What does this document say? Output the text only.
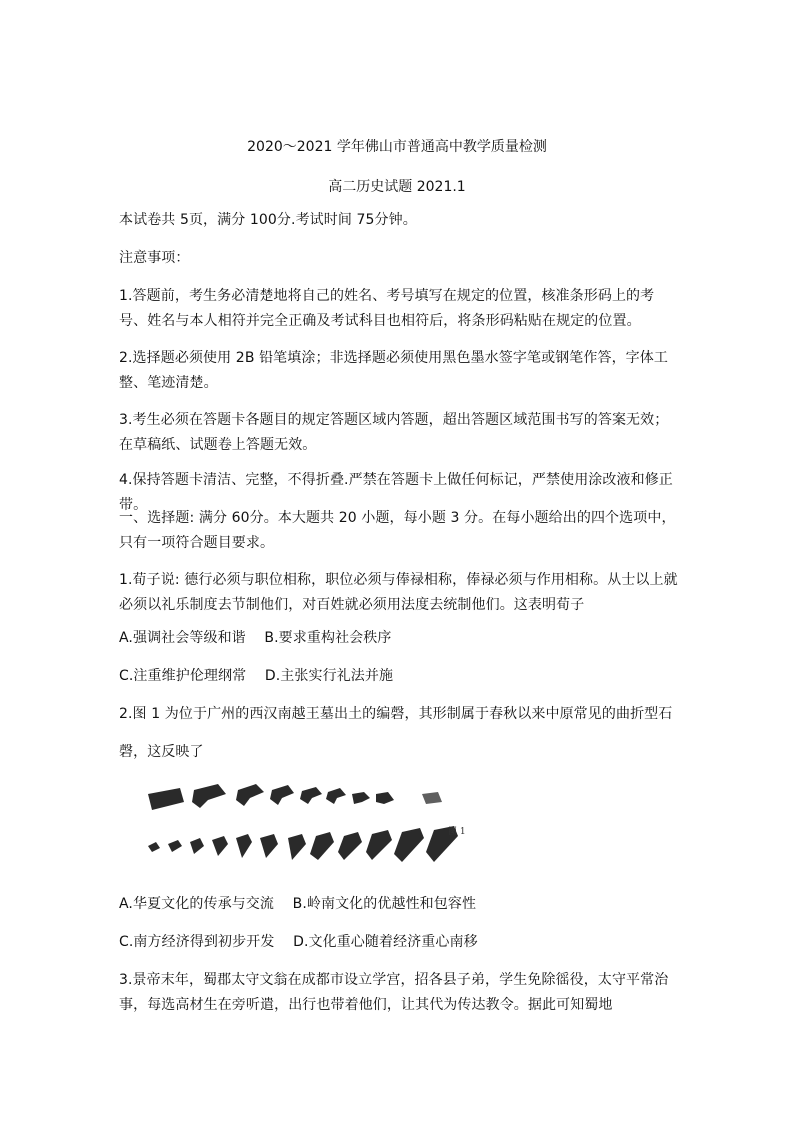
2020～2021 学年佛山市普通高中教学质量检测
高二历史试题 2021.1
本试卷共 5页，满分 100分.考试时间 75分钟。
注意事项：
1.答题前，考生务必清楚地将自己的姓名、考号填写在规定的位置，核准条形码上的考号、姓名与本人相符并完全正确及考试科目也相符后，将条形码粘贴在规定的位置。
2.选择题必须使用 2B 铅笔填涂；非选择题必须使用黑色墨水签字笔或钢笔作答，字体工整、笔迹清楚。
3.考生必须在答题卡各题目的规定答题区域内答题，超出答题区域范围书写的答案无效；在草稿纸、试题卷上答题无效。
4.保持答题卡清洁、完整，不得折叠.严禁在答题卡上做任何标记，严禁使用涂改液和修正带。
一、选择题: 满分 60分。本大题共 20 小题，每小题 3 分。在每小题给出的四个选项中，只有一项符合题目要求。
1.荀子说: 德行必须与职位相称，职位必须与俸禄相称，俸禄必须与作用相称。从士以上就必须以礼乐制度去节制他们，对百姓就必须用法度去统制他们。这表明荀子
A.强调社会等级和谐　 B.要求重构社会秩序
C.注重维护伦理纲常　 D.主张实行礼法并施
2.图 1 为位于广州的西汉南越王墓出土的编磬，其形制属于春秋以来中原常见的曲折型石
磬，这反映了
图 1
A.华夏文化的传承与交流　 B.岭南文化的优越性和包容性
C.南方经济得到初步开发　 D.文化重心随着经济重心南移
3.景帝末年，蜀郡太守文翁在成都市设立学宫，招各县子弟，学生免除徭役，太守平常治事，每选高材生在旁听遣，出行也带着他们，让其代为传达教令。据此可知蜀地
